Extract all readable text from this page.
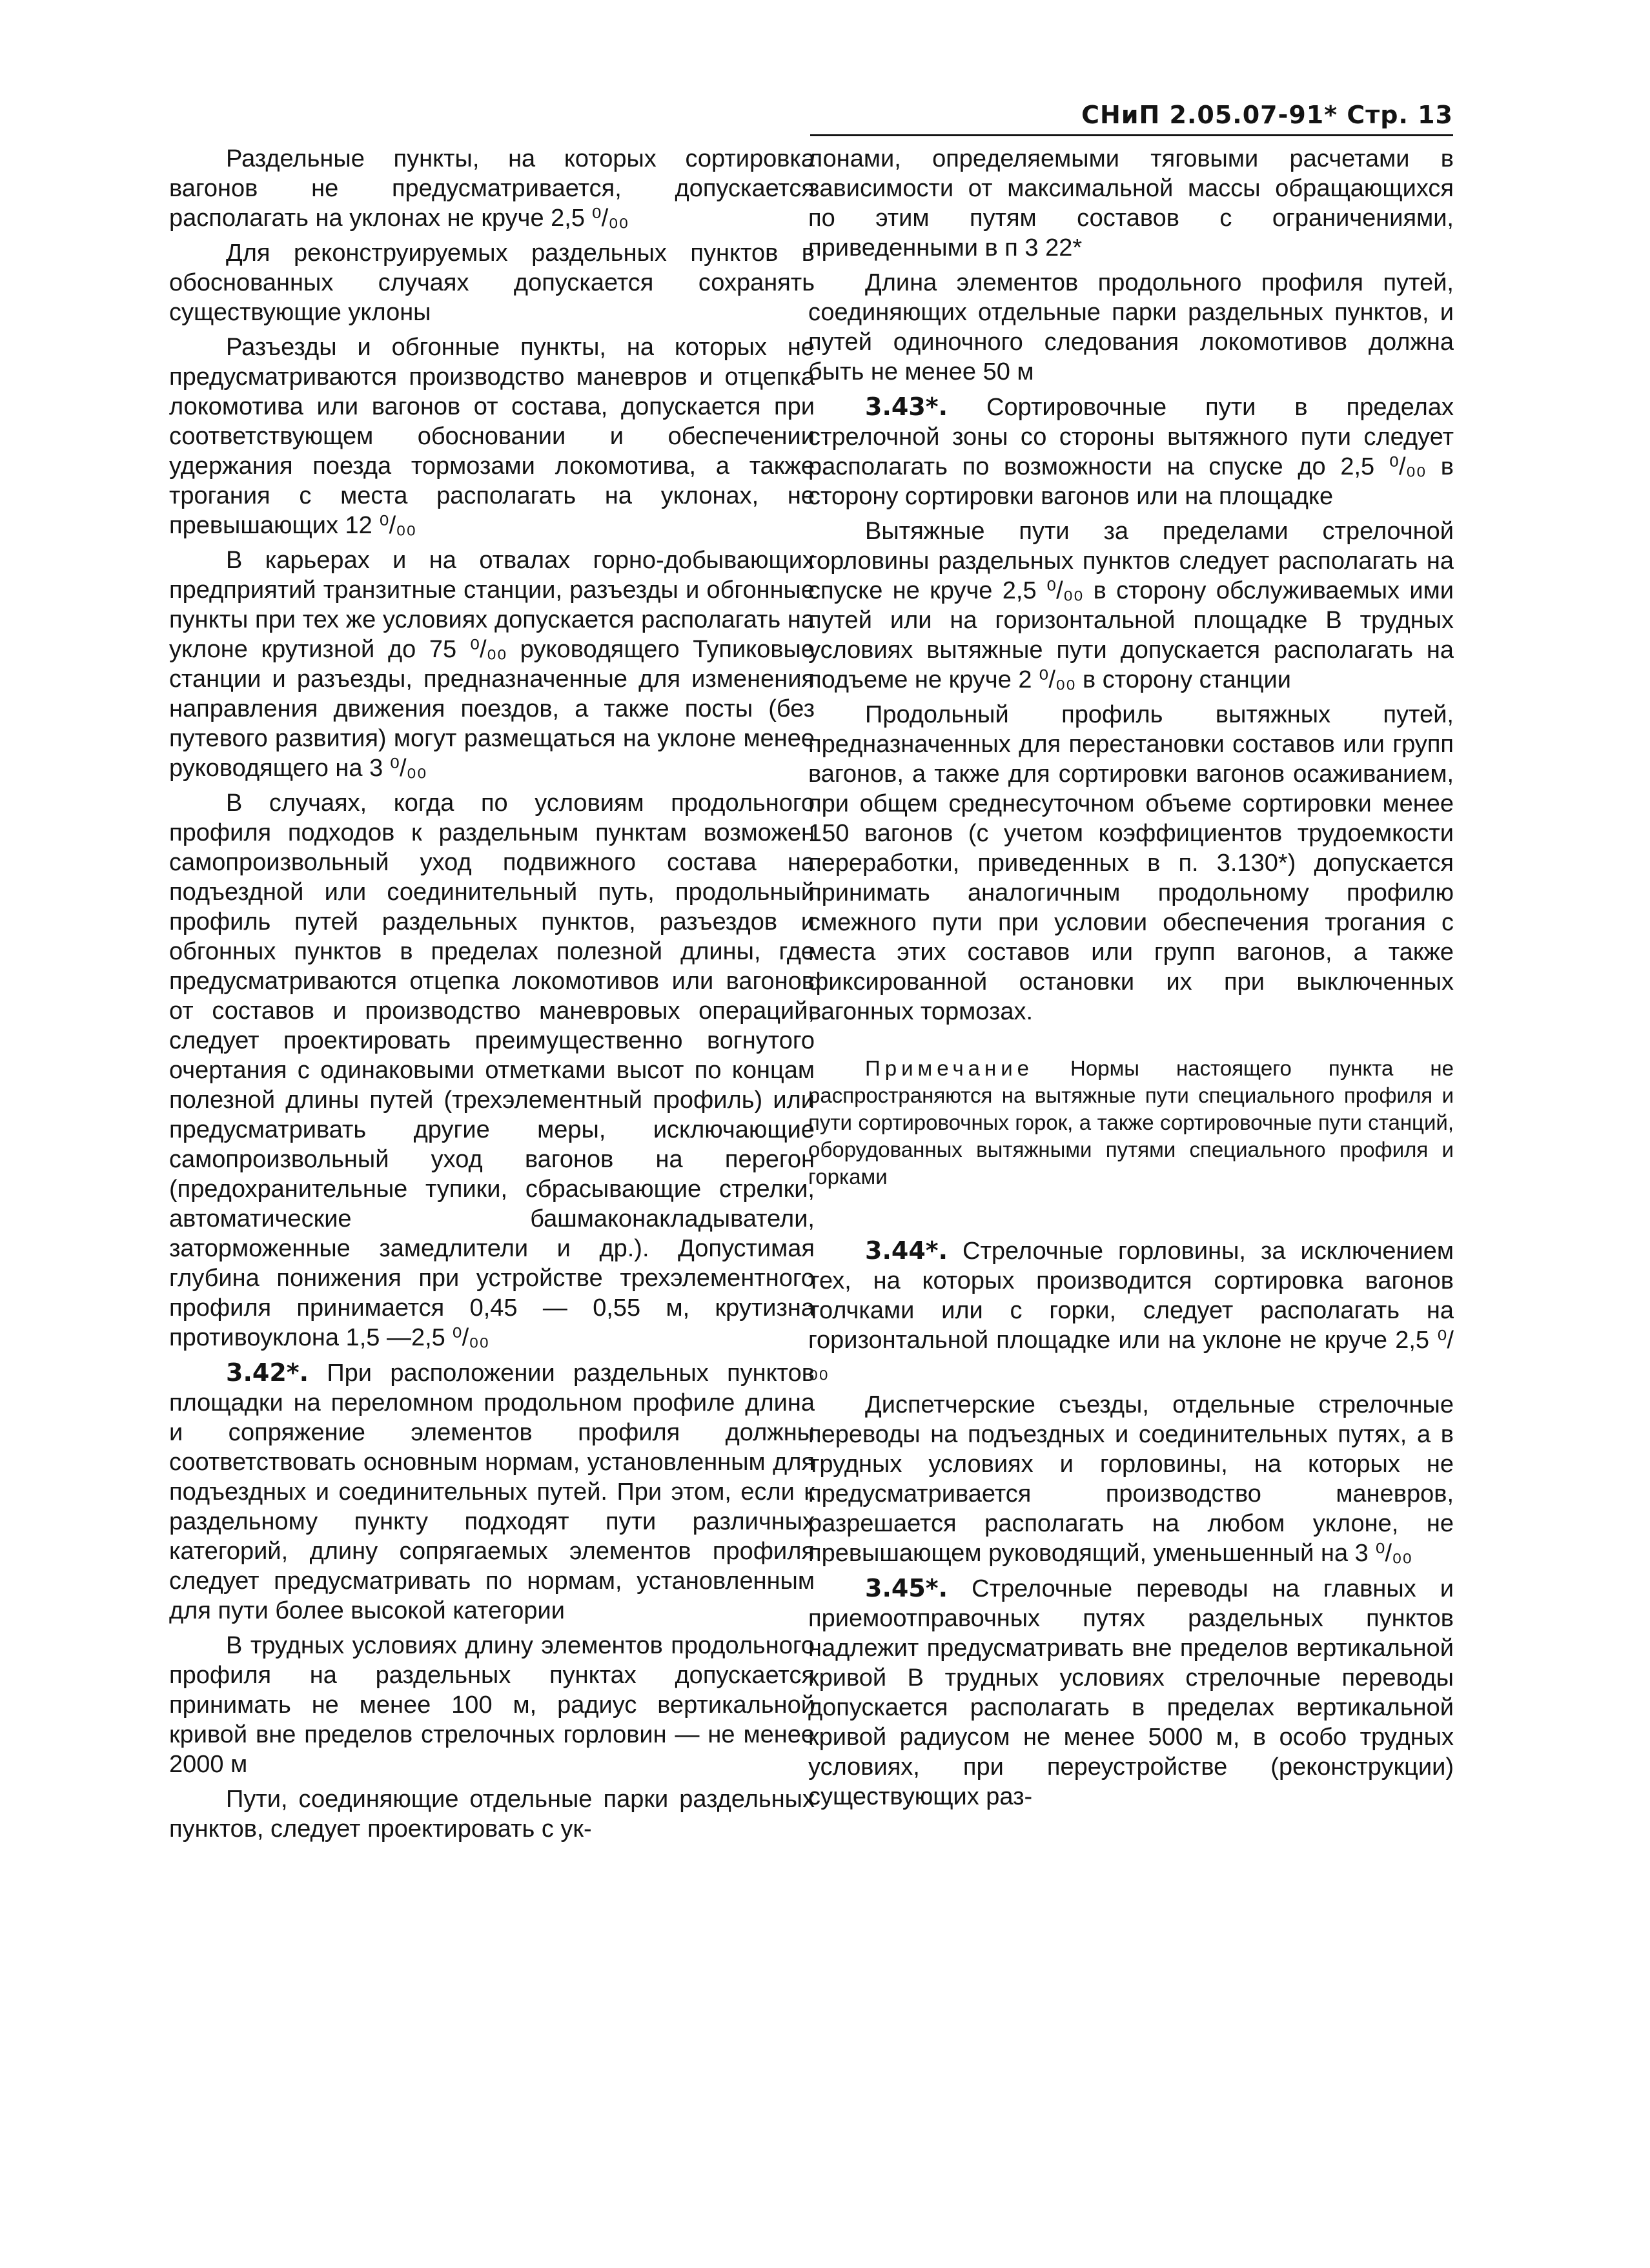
СНиП 2.05.07-91* Стр. 13

Раздельные пункты, на которых сортировка вагонов не предусматривается, допускается располагать на уклонах не круче 2,5 ⁰/₀₀

Для реконструируемых раздельных пунктов в обоснованных случаях допускается сохранять существующие уклоны

Разъезды и обгонные пункты, на которых не предусматриваются производство маневров и отцепка локомотива или вагонов от состава, допускается при соответствующем обосновании и обеспечении удержания поезда тормозами локомотива, а также трогания с места располагать на уклонах, не превышающих 12 ⁰/₀₀

В карьерах и на отвалах горно-добывающих предприятий транзитные станции, разъезды и обгонные пункты при тех же условиях допускается располагать на уклоне крутизной до 75 ⁰/₀₀ руководящего Тупиковые станции и разъезды, предназначенные для изменения направления движения поездов, а также посты (без путевого развития) могут размещаться на уклоне менее руководящего на 3 ⁰/₀₀

В случаях, когда по условиям продольного профиля подходов к раздельным пунктам возможен самопроизвольный уход подвижного состава на подъездной или соединительный путь, продольный профиль путей раздельных пунктов, разъездов и обгонных пунктов в пределах полезной длины, где предусматриваются отцепка локомотивов или вагонов от составов и производство маневровых операций, следует проектировать преимущественно вогнутого очертания с одинаковыми отметками высот по концам полезной длины путей (трехэлементный профиль) или предусматривать другие меры, исключающие самопроизвольный уход вагонов на перегон (предохранительные тупики, сбрасывающие стрелки, автоматические башмаконакладыватели, заторможенные замедлители и др.). Допустимая глубина понижения при устройстве трехэлементного профиля принимается 0,45 — 0,55 м, крутизна противоуклона 1,5 —2,5 ⁰/₀₀

3.42*. При расположении раздельных пунктов площадки на переломном продольном профиле длина и сопряжение элементов профиля должны соответствовать основным нормам, установленным для подъездных и соединительных путей. При этом, если к раздельному пункту подходят пути различных категорий, длину сопрягаемых элементов профиля следует предусматривать по нормам, установленным для пути более высокой категории

В трудных условиях длину элементов продольного профиля на раздельных пунктах допускается принимать не менее 100 м, радиус вертикальной кривой вне пределов стрелочных горловин — не менее 2000 м

Пути, соединяющие отдельные парки раздельных пунктов, следует проектировать с ук-

лонами, определяемыми тяговыми расчетами в зависимости от максимальной массы обращающихся по этим путям составов с ограничениями, приведенными в п 3 22*

Длина элементов продольного профиля путей, соединяющих отдельные парки раздельных пунктов, и путей одиночного следования локомотивов должна быть не менее 50 м

3.43*. Сортировочные пути в пределах стрелочной зоны со стороны вытяжного пути следует располагать по возможности на спуске до 2,5 ⁰/₀₀ в сторону сортировки вагонов или на площадке

Вытяжные пути за пределами стрелочной горловины раздельных пунктов следует располагать на спуске не круче 2,5 ⁰/₀₀ в сторону обслуживаемых ими путей или на горизонтальной площадке В трудных условиях вытяжные пути допускается располагать на подъеме не круче 2 ⁰/₀₀ в сторону станции

Продольный профиль вытяжных путей, предназначенных для перестановки составов или групп вагонов, а также для сортировки вагонов осаживанием, при общем среднесуточном объеме сортировки менее 150 вагонов (с учетом коэффициентов трудоемкости переработки, приведенных в п. 3.130*) допускается принимать аналогичным продольному профилю смежного пути при условии обеспечения трогания с места этих составов или групп вагонов, а также фиксированной остановки их при выключенных вагонных тормозах.

Примечание Нормы настоящего пункта не распространяются на вытяжные пути специального профиля и пути сортировочных горок, а также сортировочные пути станций, оборудованных вытяжными путями специального профиля и горками

3.44*. Стрелочные горловины, за исключением тех, на которых производится сортировка вагонов толчками или с горки, следует располагать на горизонтальной площадке или на уклоне не круче 2,5 ⁰/₀₀

Диспетчерские съезды, отдельные стрелочные переводы на подъездных и соединительных путях, а в трудных условиях и горловины, на которых не предусматривается производство маневров, разрешается располагать на любом уклоне, не превышающем руководящий, уменьшенный на 3 ⁰/₀₀

3.45*. Стрелочные переводы на главных и приемоотправочных путях раздельных пунктов надлежит предусматривать вне пределов вертикальной кривой В трудных условиях стрелочные переводы допускается располагать в пределах вертикальной кривой радиусом не менее 5000 м, в особо трудных условиях, при переустройстве (реконструкции) существующих раз-
